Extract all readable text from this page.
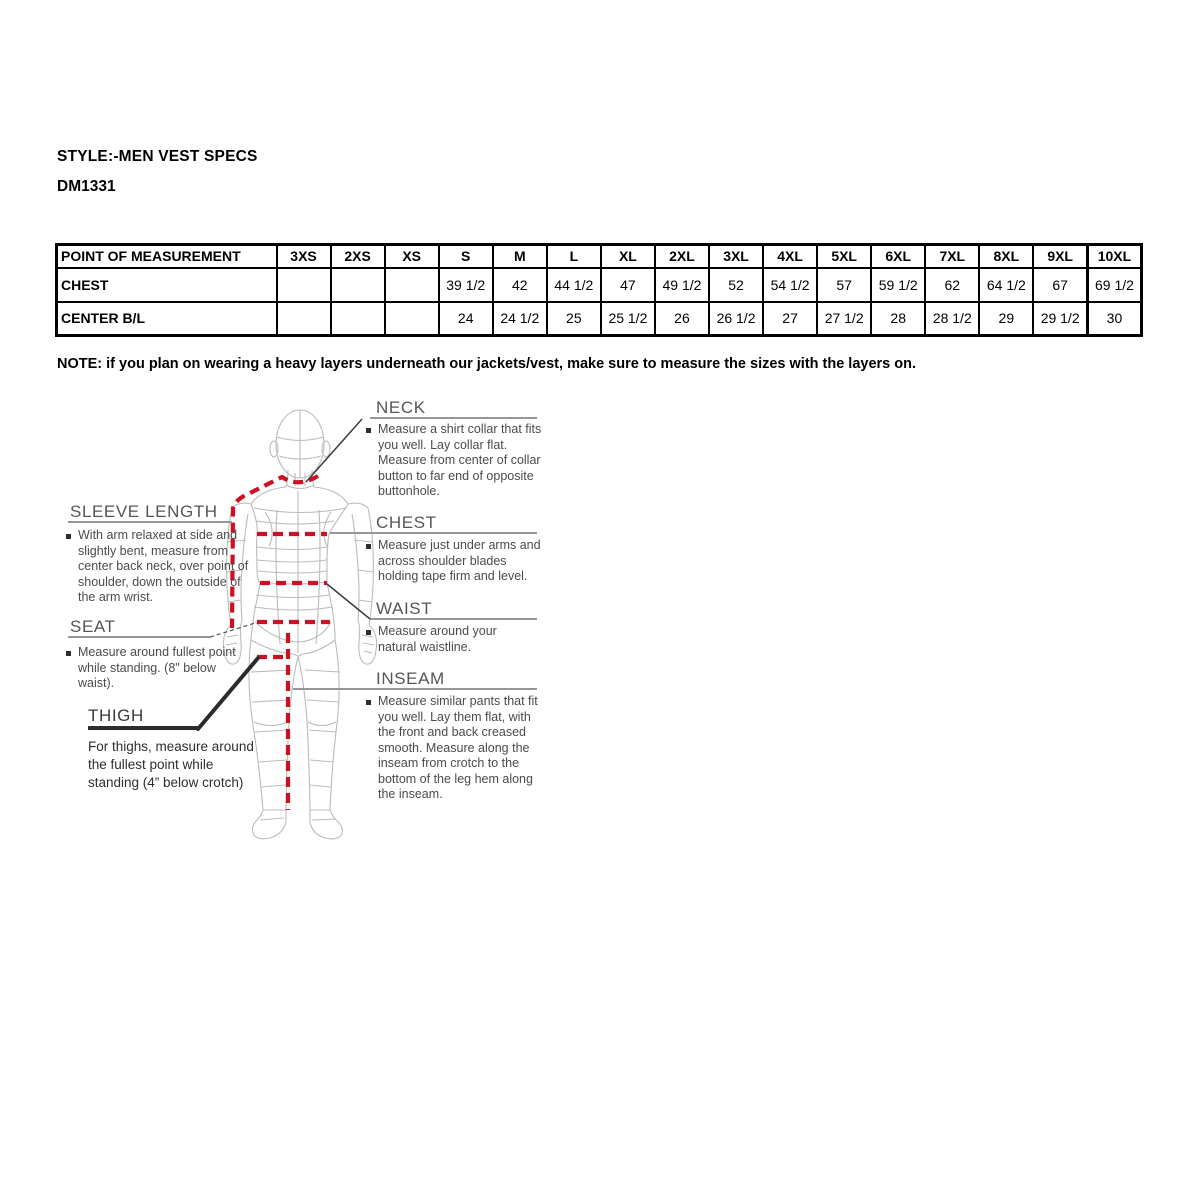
STYLE:-MEN VEST SPECS
DM1331
POINT OF MEASUREMENT	3XS	2XS	XS	S	M	L	XL	2XL	3XL	4XL	5XL	6XL	7XL	8XL	9XL	10XL
CHEST				39 1/2	42	44 1/2	47	49 1/2	52	54 1/2	57	59 1/2	62	64 1/2	67	69 1/2
CENTER B/L				24	24 1/2	25	25 1/2	26	26 1/2	27	27 1/2	28	28 1/2	29	29 1/2	30
NOTE: if you plan on wearing a heavy layers underneath our jackets/vest, make sure to measure the sizes with the layers on.
NECK
Measure a shirt collar that fits you well. Lay collar flat. Measure from center of collar button to far end of opposite buttonhole.
CHEST
Measure just under arms and across shoulder blades holding tape firm and level.
WAIST
Measure around your natural waistline.
INSEAM
Measure similar pants that fit you well. Lay them flat, with the front and back creased smooth. Measure along the inseam from crotch to the bottom of the leg hem along the inseam.
SLEEVE LENGTH
With arm relaxed at side and slightly bent, measure from center back neck, over point of shoulder, down the outside of the arm wrist.
SEAT
Measure around fullest point while standing. (8" below waist).
THIGH
For thighs, measure around the fullest point while standing (4” below crotch)
